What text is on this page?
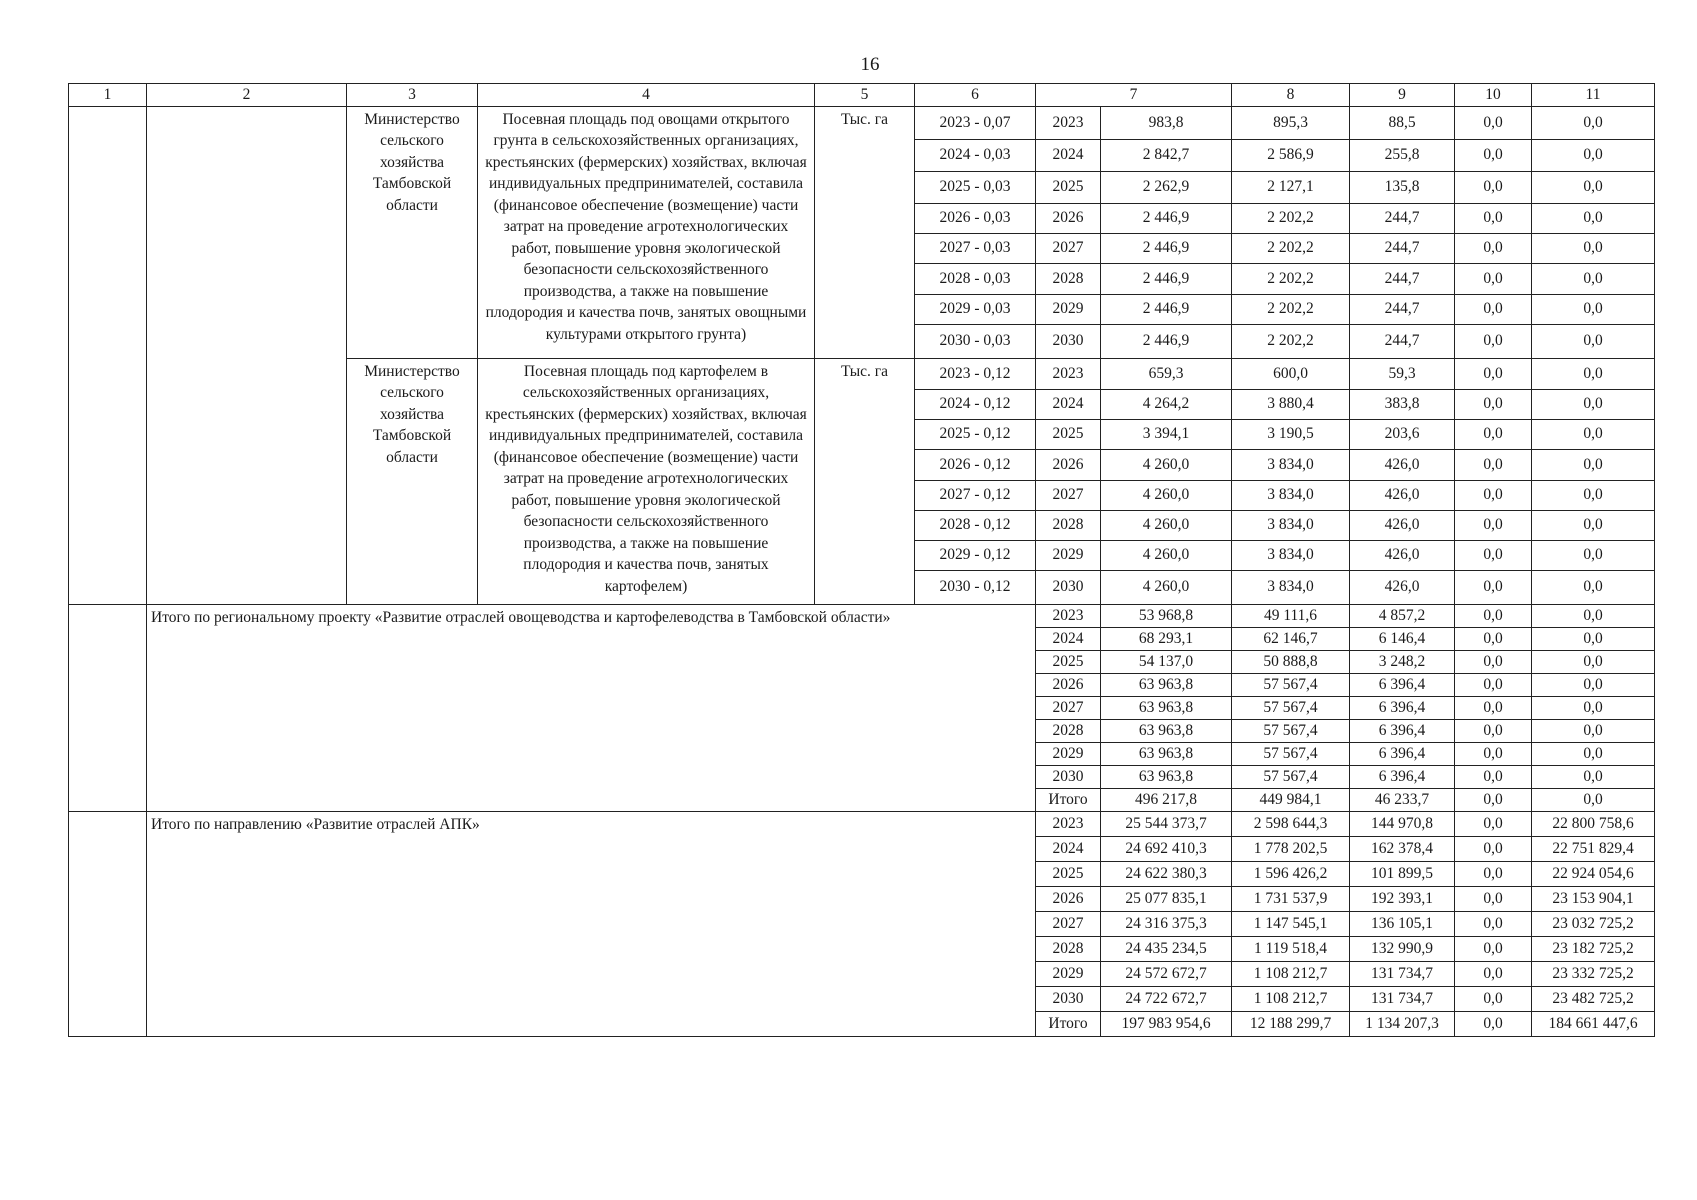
16
1	2	3	4	5	6	7		8	9	10	11
		Министерство сельского хозяйства Тамбовской области	Посевная площадь под овощами открытого грунта в сельскохозяйственных организациях, крестьянских (фермерских) хозяйствах, включая индивидуальных предпринимателей, составила (финансовое обеспечение (возмещение) части затрат на проведение агротехнологических работ, повышение уровня экологической безопасности сельскохозяйственного производства, а также на повышение плодородия и качества почв, занятых овощными культурами открытого грунта)	Тыс. га	2023 - 0,07	2023	983,8	895,3	88,5	0,0	0,0
					2024 - 0,03	2024	2 842,7	2 586,9	255,8	0,0	0,0
					2025 - 0,03	2025	2 262,9	2 127,1	135,8	0,0	0,0
					2026 - 0,03	2026	2 446,9	2 202,2	244,7	0,0	0,0
					2027 - 0,03	2027	2 446,9	2 202,2	244,7	0,0	0,0
					2028 - 0,03	2028	2 446,9	2 202,2	244,7	0,0	0,0
					2029 - 0,03	2029	2 446,9	2 202,2	244,7	0,0	0,0
					2030 - 0,03	2030	2 446,9	2 202,2	244,7	0,0	0,0
		Министерство сельского хозяйства Тамбовской области	Посевная площадь под картофелем в сельскохозяйственных организациях, крестьянских (фермерских) хозяйствах, включая индивидуальных предпринимателей, составила (финансовое обеспечение (возмещение) части затрат на проведение агротехнологических работ, повышение уровня экологической безопасности сельскохозяйственного производства, а также на повышение плодородия и качества почв, занятых картофелем)	Тыс. га	2023 - 0,12	2023	659,3	600,0	59,3	0,0	0,0
					2024 - 0,12	2024	4 264,2	3 880,4	383,8	0,0	0,0
					2025 - 0,12	2025	3 394,1	3 190,5	203,6	0,0	0,0
					2026 - 0,12	2026	4 260,0	3 834,0	426,0	0,0	0,0
					2027 - 0,12	2027	4 260,0	3 834,0	426,0	0,0	0,0
					2028 - 0,12	2028	4 260,0	3 834,0	426,0	0,0	0,0
					2029 - 0,12	2029	4 260,0	3 834,0	426,0	0,0	0,0
					2030 - 0,12	2030	4 260,0	3 834,0	426,0	0,0	0,0
	Итого по региональному проекту «Развитие отраслей овощеводства и картофелеводства в Тамбовской области»					2023	53 968,8	49 111,6	4 857,2	0,0	0,0
						2024	68 293,1	62 146,7	6 146,4	0,0	0,0
						2025	54 137,0	50 888,8	3 248,2	0,0	0,0
						2026	63 963,8	57 567,4	6 396,4	0,0	0,0
						2027	63 963,8	57 567,4	6 396,4	0,0	0,0
						2028	63 963,8	57 567,4	6 396,4	0,0	0,0
						2029	63 963,8	57 567,4	6 396,4	0,0	0,0
						2030	63 963,8	57 567,4	6 396,4	0,0	0,0
						Итого	496 217,8	449 984,1	46 233,7	0,0	0,0
	Итого по направлению «Развитие отраслей АПК»					2023	25 544 373,7	2 598 644,3	144 970,8	0,0	22 800 758,6
						2024	24 692 410,3	1 778 202,5	162 378,4	0,0	22 751 829,4
						2025	24 622 380,3	1 596 426,2	101 899,5	0,0	22 924 054,6
						2026	25 077 835,1	1 731 537,9	192 393,1	0,0	23 153 904,1
						2027	24 316 375,3	1 147 545,1	136 105,1	0,0	23 032 725,2
						2028	24 435 234,5	1 119 518,4	132 990,9	0,0	23 182 725,2
						2029	24 572 672,7	1 108 212,7	131 734,7	0,0	23 332 725,2
						2030	24 722 672,7	1 108 212,7	131 734,7	0,0	23 482 725,2
						Итого	197 983 954,6	12 188 299,7	1 134 207,3	0,0	184 661 447,6
